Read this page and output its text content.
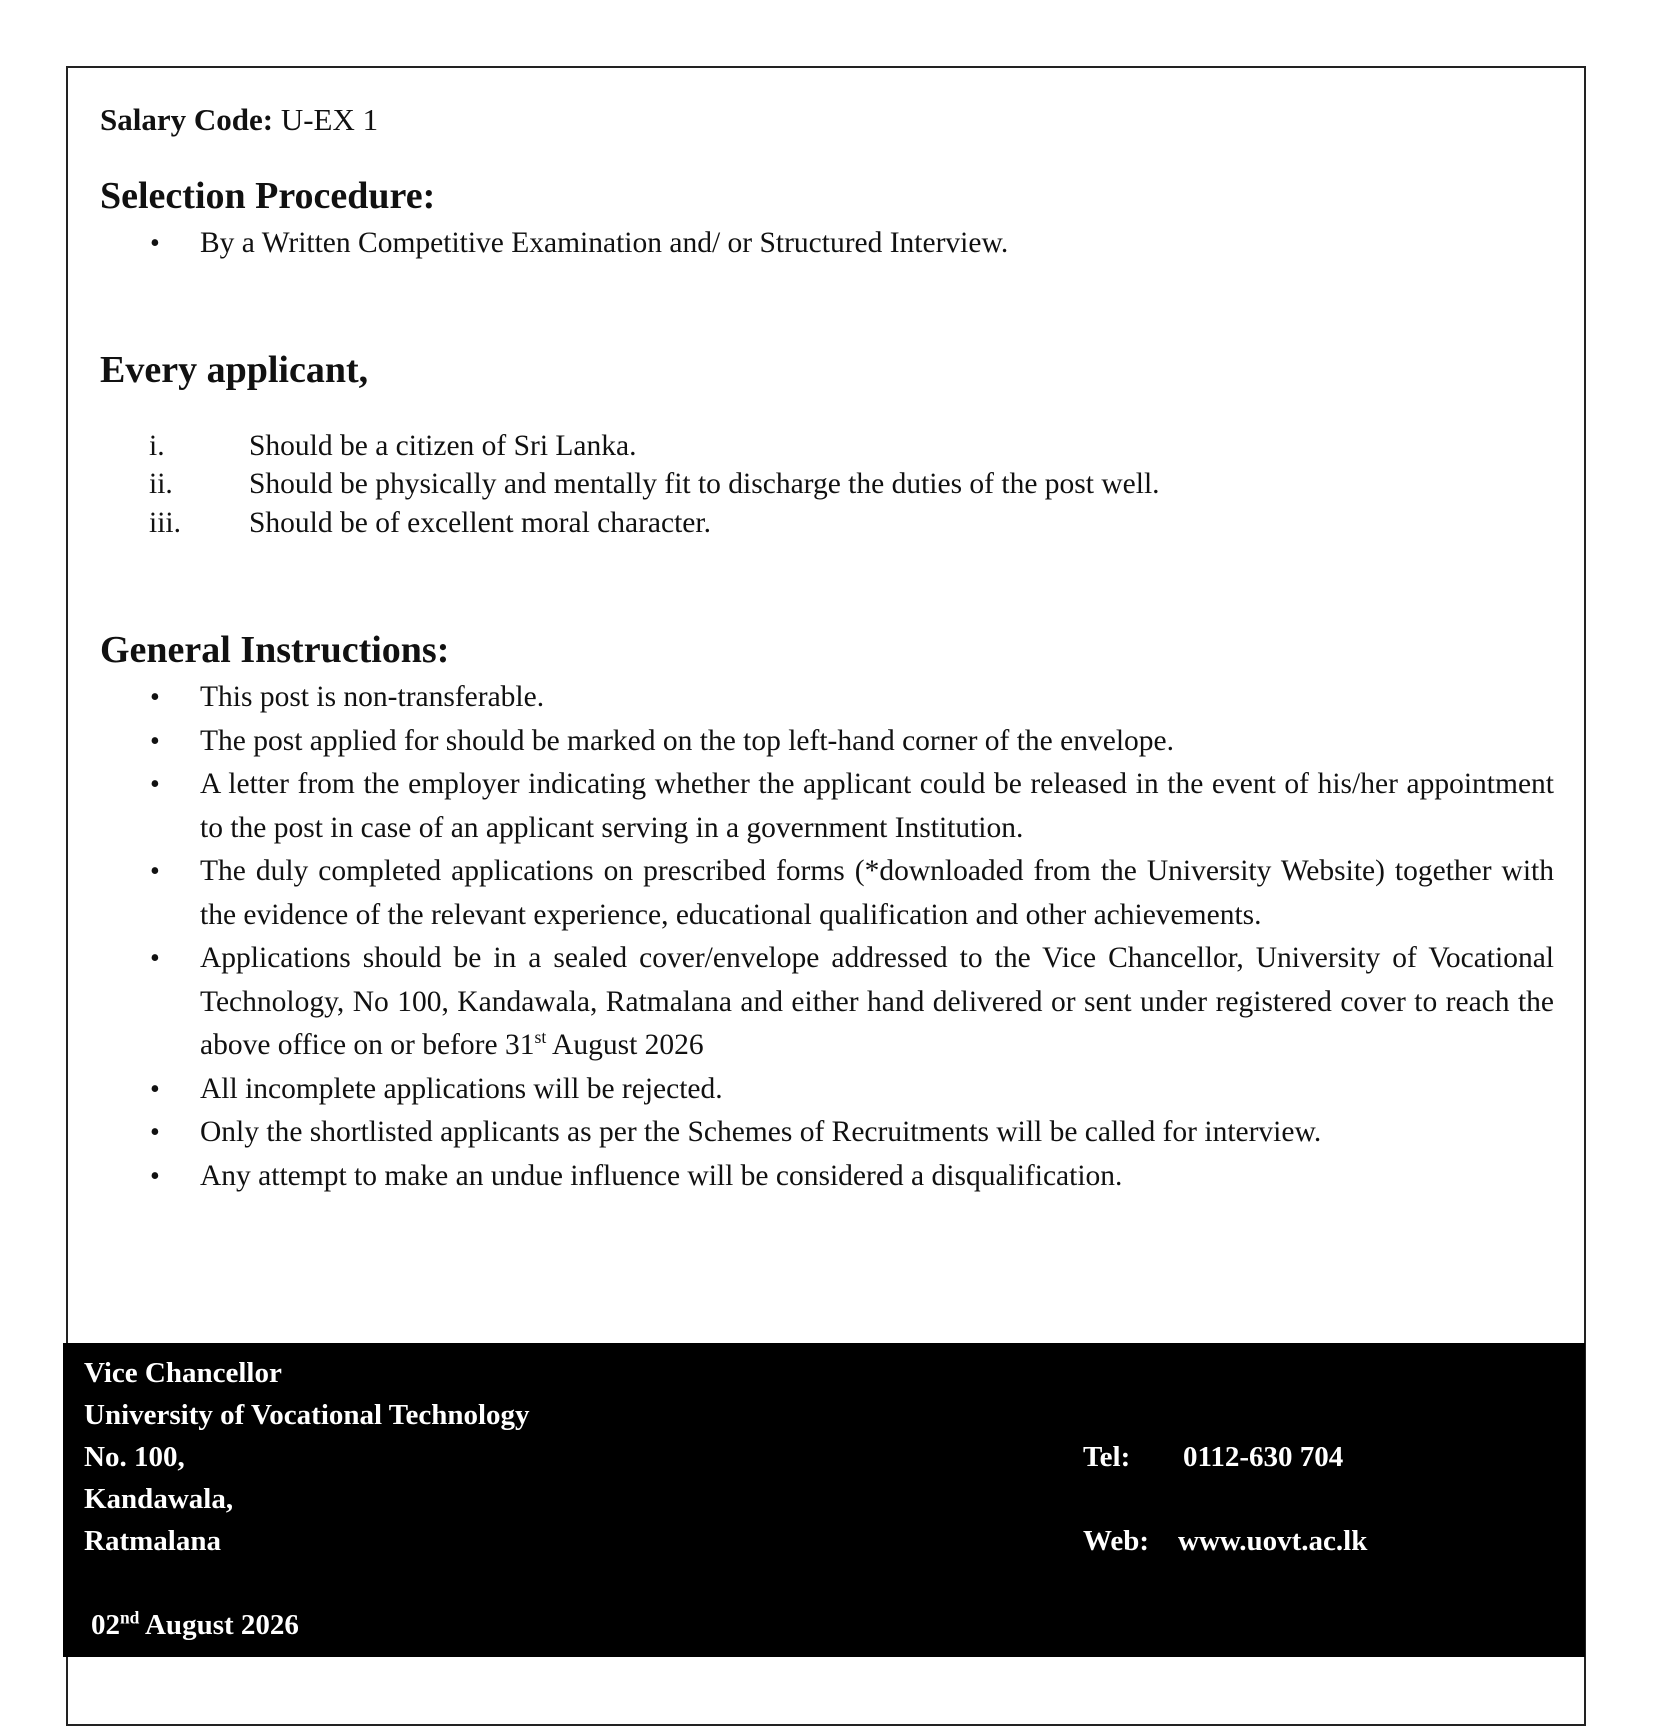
Salary Code: U-EX 1

Selection Procedure:
• By a Written Competitive Examination and/ or Structured Interview.
Every applicant,
i.	Should be a citizen of Sri Lanka.
ii.	Should be physically and mentally fit to discharge the duties of the post well.
iii. Should be of excellent moral character.
General Instructions:
• This post is non-transferable.
• The post applied for should be marked on the top left-hand corner of the envelope.
• A letter from the employer indicating whether the applicant could be released in the event of his/her appointment to the post in case of an applicant serving in a government Institution.
• The duly completed applications on prescribed forms (*downloaded from the University Website) together with the evidence of the relevant experience, educational qualification and other achievements.
• Applications should be in a sealed cover/envelope addressed to the Vice Chancellor, University of Vocational Technology, No 100, Kandawala, Ratmalana and either hand delivered or sent under registered cover to reach the above office on or before 31st August 2026
• All incomplete applications will be rejected.
• Only the shortlisted applicants as per the Schemes of Recruitments will be called for interview.
• Any attempt to make an undue influence will be considered a disqualification.
Vice Chancellor
University of Vocational Technology
No. 100,
Kandawala,
Ratmalana
Tel: 0112-630 704
Web: www.uovt.ac.lk
02nd August 2026
